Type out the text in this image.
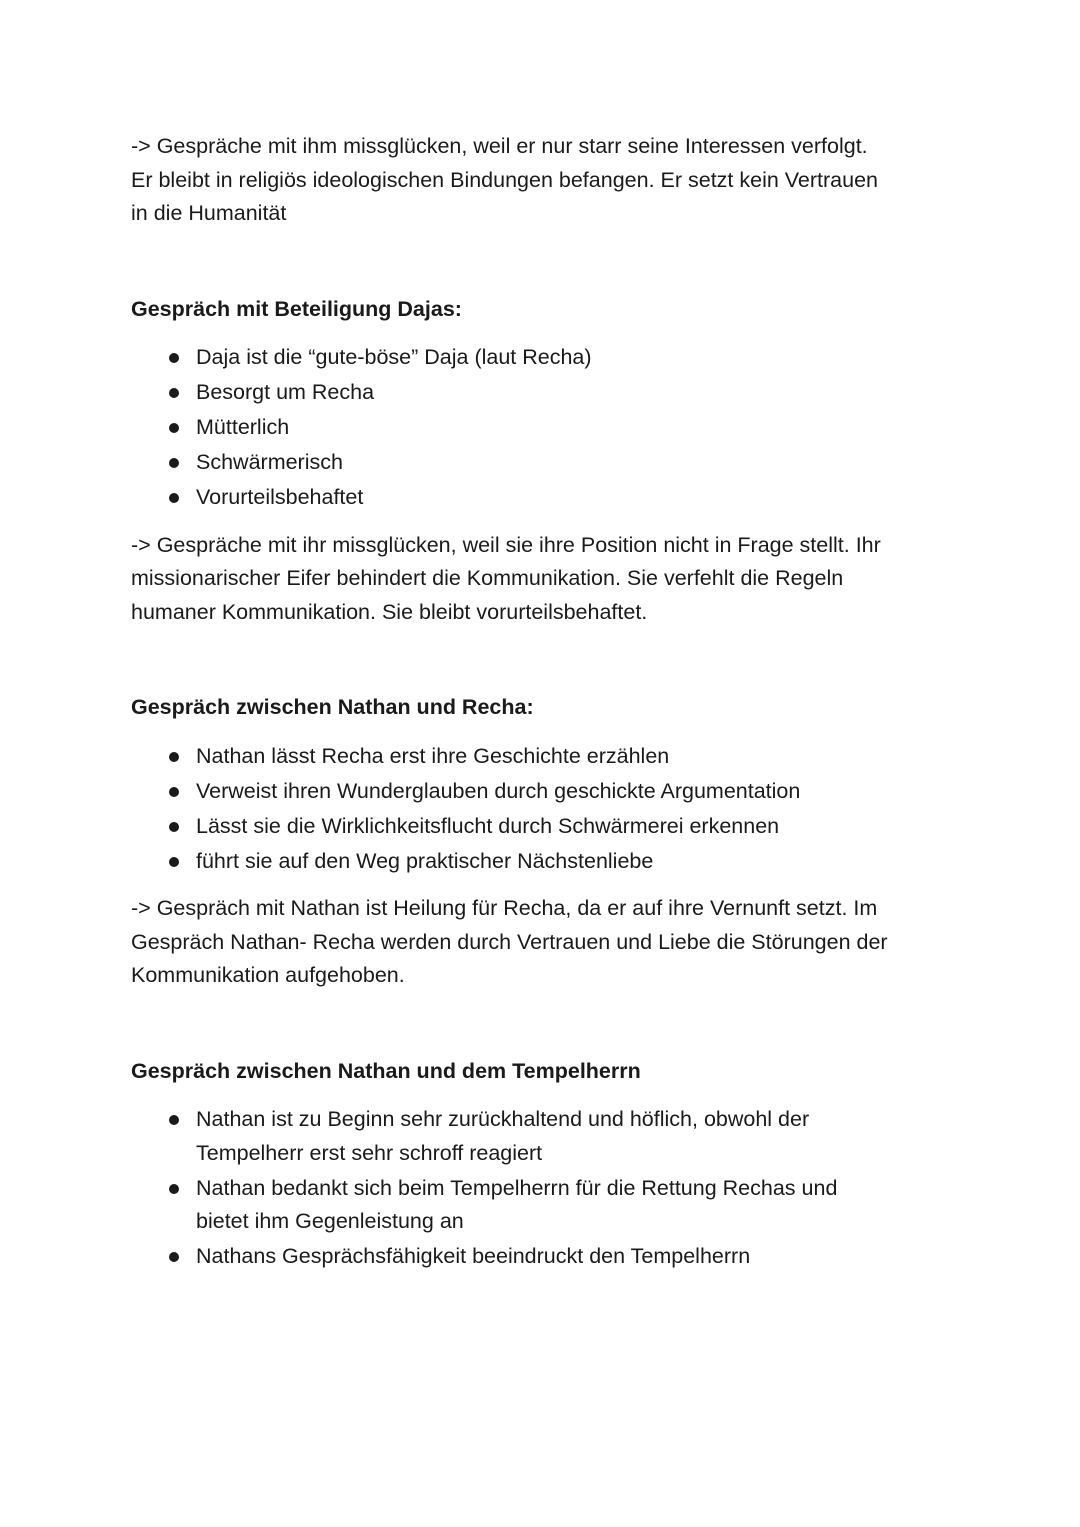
-> Gespräche mit ihm missglücken, weil er nur starr seine Interessen verfolgt.
Er bleibt in religiös ideologischen Bindungen befangen. Er setzt kein Vertrauen
in die Humanität

Gespräch mit Beteiligung Dajas:

Daja ist die “gute-böse” Daja (laut Recha)
Besorgt um Recha
Mütterlich
Schwärmerisch
Vorurteilsbehaftet

-> Gespräche mit ihr missglücken, weil sie ihre Position nicht in Frage stellt. Ihr
missionarischer Eifer behindert die Kommunikation. Sie verfehlt die Regeln
humaner Kommunikation. Sie bleibt vorurteilsbehaftet.

Gespräch zwischen Nathan und Recha:

Nathan lässt Recha erst ihre Geschichte erzählen
Verweist ihren Wunderglauben durch geschickte Argumentation
Lässt sie die Wirklichkeitsflucht durch Schwärmerei erkennen
führt sie auf den Weg praktischer Nächstenliebe

-> Gespräch mit Nathan ist Heilung für Recha, da er auf ihre Vernunft setzt. Im
Gespräch Nathan- Recha werden durch Vertrauen und Liebe die Störungen der
Kommunikation aufgehoben.

Gespräch zwischen Nathan und dem Tempelherrn

Nathan ist zu Beginn sehr zurückhaltend und höflich, obwohl der
Tempelherr erst sehr schroff reagiert
Nathan bedankt sich beim Tempelherrn für die Rettung Rechas und
bietet ihm Gegenleistung an
Nathans Gesprächsfähigkeit beeindruckt den Tempelherrn
